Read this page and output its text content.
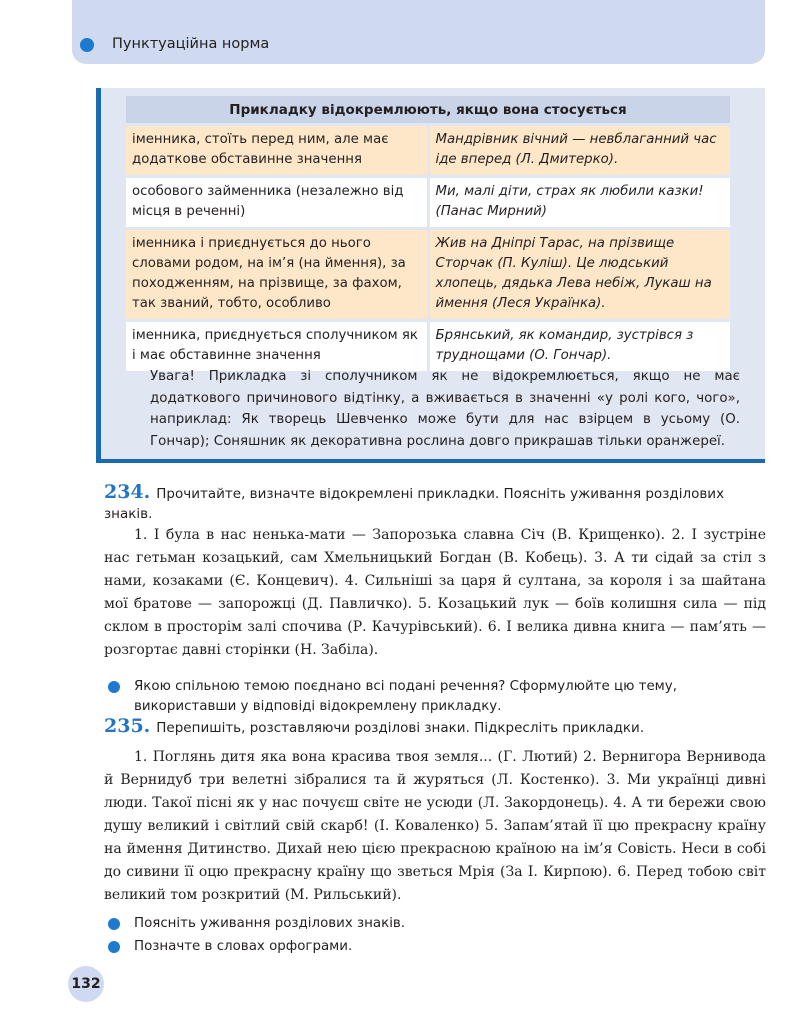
Пунктуаційна норма
Прикладку відокремлюють, якщо вона стосується	
іменника, стоїть перед ним, але має додаткове обставинне значення	Мандрівник вічний — невблаганний час іде вперед (Л. Дмитерко).
особового займенника (незалежно від місця в реченні)	Ми, малі діти, страх як любили казки! (Панас Мирний)
іменника і приєднується до нього словами родом, на ім’я (на ймення), за походженням, на прізвище, за фахом, так званий, тобто, особливо	Жив на Дніпрі Тарас, на прізвище Сторчак (П. Куліш). Це людський хлопець, дядька Лева небіж, Лукаш на ймення (Леся Українка).
іменника, приєднується сполучником як і має обставинне значення	Брянський, як командир, зустрівся з труднощами (О. Гончар).
Увага! Прикладка зі сполучником як не відокремлюється, якщо не має додаткового причинового відтінку, а вживається в значенні «у ролі кого, чого», наприклад: Як творець Шевченко може бути для нас взірцем в усьому (О. Гончар); Соняшник як декоративна рослина довго прикрашав тільки оранжереї.
234. Прочитайте, визначте відокремлені прикладки. Поясніть уживання розділових знаків.

1. І була в нас ненька-мати — Запорозька славна Січ (В. Крищенко). 2. І зустріне нас гетьман козацький, сам Хмельницький Богдан (В. Кобець). 3. А ти сідай за стіл з нами, козаками (Є. Концевич). 4. Сильніші за царя й султана, за короля і за шайтана мої братове — запорожці (Д. Павличко). 5. Козацький лук — боїв колишня сила — під склом в просторім залі спочива (Р. Качурівський). 6. І велика дивна книга — пам’ять — розгортає давні сторінки (Н. Забіла).

Якою спільною темою поєднано всі подані речення? Сформулюйте цю тему, використавши у відповіді відокремлену прикладку.
235. Перепишіть, розставляючи розділові знаки. Підкресліть прикладки.

1. Поглянь дитя яка вона красива твоя земля... (Г. Лютий) 2. Вернигора Вернивода й Вернидуб три велетні зібралися та й журяться (Л. Костенко). 3. Ми українці дивні люди. Такої пісні як у нас почуєш світе не усюди (Л. Закордонець). 4. А ти бережи свою душу великий і світлий свій скарб! (І. Коваленко) 5. Запам’ятай її цю прекрасну країну на ймення Дитинство. Дихай нею цією прекрасною країною на ім’я Совість. Неси в собі до сивини її оцю прекрасну країну що зветься Мрія (За І. Кирпою). 6. Перед тобою світ великий том розкритий (М. Рильський).

Поясніть уживання розділових знаків.
Позначте в словах орфограми.
132
